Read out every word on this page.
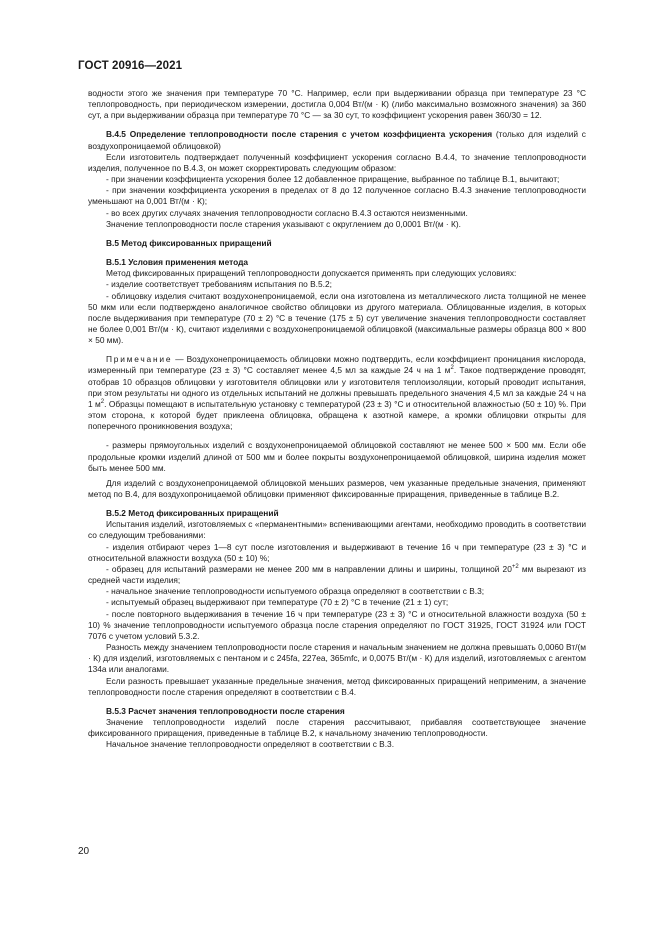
ГОСТ 20916—2021

водности этого же значения при температуре 70 °С. Например, если при выдерживании образца при температуре 23 °С теплопроводность, при периодическом измерении, достигла 0,004 Вт/(м · К) (либо максимально возможного значения) за 360 сут, а при выдерживании образца при температуре 70 °С — за 30 сут, то коэффициент ускорения равен 360/30 = 12.

В.4.5 Определение теплопроводности после старения с учетом коэффициента ускорения (только для изделий с воздухопроницаемой облицовкой)

Если изготовитель подтверждает полученный коэффициент ускорения согласно В.4.4, то значение теплопроводности изделия, полученное по В.4.3, он может скорректировать следующим образом:

- при значении коэффициента ускорения более 12 добавленное приращение, выбранное по таблице В.1, вычитают;

- при значении коэффициента ускорения в пределах от 8 до 12 полученное согласно В.4.3 значение теплопроводности уменьшают на 0,001 Вт/(м · К);

- во всех других случаях значения теплопроводности согласно В.4.3 остаются неизменными.

Значение теплопроводности после старения указывают с округлением до 0,0001 Вт/(м · К).

В.5 Метод фиксированных приращений

В.5.1 Условия применения метода

Метод фиксированных приращений теплопроводности допускается применять при следующих условиях:

- изделие соответствует требованиям испытания по В.5.2;

- облицовку изделия считают воздухонепроницаемой, если она изготовлена из металлического листа толщиной не менее 50 мкм или если подтверждено аналогичное свойство облицовки из другого материала. Облицованные изделия, в которых после выдерживания при температуре (70 ± 2) °С в течение (175 ± 5) сут увеличение значения теплопроводности составляет не более 0,001 Вт/(м · К), считают изделиями с воздухонепроницаемой облицовкой (максимальные размеры образца 800 × 800 × 50 мм).

Примечание — Воздухонепроницаемость облицовки можно подтвердить, если коэффициент проницания кислорода, измеренный при температуре (23 ± 3) °С составляет менее 4,5 мл за каждые 24 ч на 1 $м^2$. Такое подтверждение проводят, отобрав 10 образцов облицовки у изготовителя облицовки или у изготовителя теплоизоляции, который проводит испытания, при этом результаты ни одного из отдельных испытаний не должны превышать предельного значения 4,5 мл за каждые 24 ч на 1 $м^2$. Образцы помещают в испытательную установку с температурой (23 ± 3) °С и относительной влажностью (50 ± 10) %. При этом сторона, к которой будет приклеена облицовка, обращена к азотной камере, а кромки облицовки открыты для поперечного проникновения воздуха;

- размеры прямоугольных изделий с воздухонепроницаемой облицовкой составляют не менее 500 × 500 мм. Если обе продольные кромки изделий длиной от 500 мм и более покрыты воздухонепроницаемой облицовкой, ширина изделия может быть менее 500 мм.

Для изделий с воздухонепроницаемой облицовкой меньших размеров, чем указанные предельные значения, применяют метод по В.4, для воздухопроницаемой облицовки применяют фиксированные приращения, приведенные в таблице В.2.

В.5.2 Метод фиксированных приращений

Испытания изделий, изготовляемых с «перманентными» вспенивающими агентами, необходимо проводить в соответствии со следующим требованиями:

- изделия отбирают через 1—8 сут после изготовления и выдерживают в течение 16 ч при температуре (23 ± 3) °С и относительной влажности воздуха (50 ± 10) %;

- образец для испытаний размерами не менее 200 мм в направлении длины и ширины, толщиной $20^{+2}$ мм вырезают из средней части изделия;

- начальное значение теплопроводности испытуемого образца определяют в соответствии с В.3;

- испытуемый образец выдерживают при температуре (70 ± 2) °С в течение (21 ± 1) сут;

- после повторного выдерживания в течение 16 ч при температуре (23 ± 3) °С и относительной влажности воздуха (50 ± 10) % значение теплопроводности испытуемого образца после старения определяют по ГОСТ 31925, ГОСТ 31924 или ГОСТ 7076 с учетом условий 5.3.2.

Разность между значением теплопроводности после старения и начальным значением не должна превышать 0,0060 Вт/(м · К) для изделий, изготовляемых с пентаном и с 245fa, 227ea, 365mfc, и 0,0075 Вт/(м · К) для изделий, изготовляемых с агентом 134а или аналогами.

Если разность превышает указанные предельные значения, метод фиксированных приращений неприменим, а значение теплопроводности после старения определяют в соответствии с В.4.

В.5.3 Расчет значения теплопроводности после старения

Значение теплопроводности изделий после старения рассчитывают, прибавляя соответствующее значение фиксированного приращения, приведенные в таблице В.2, к начальному значению теплопроводности.

Начальное значение теплопроводности определяют в соответствии с В.3.

20
